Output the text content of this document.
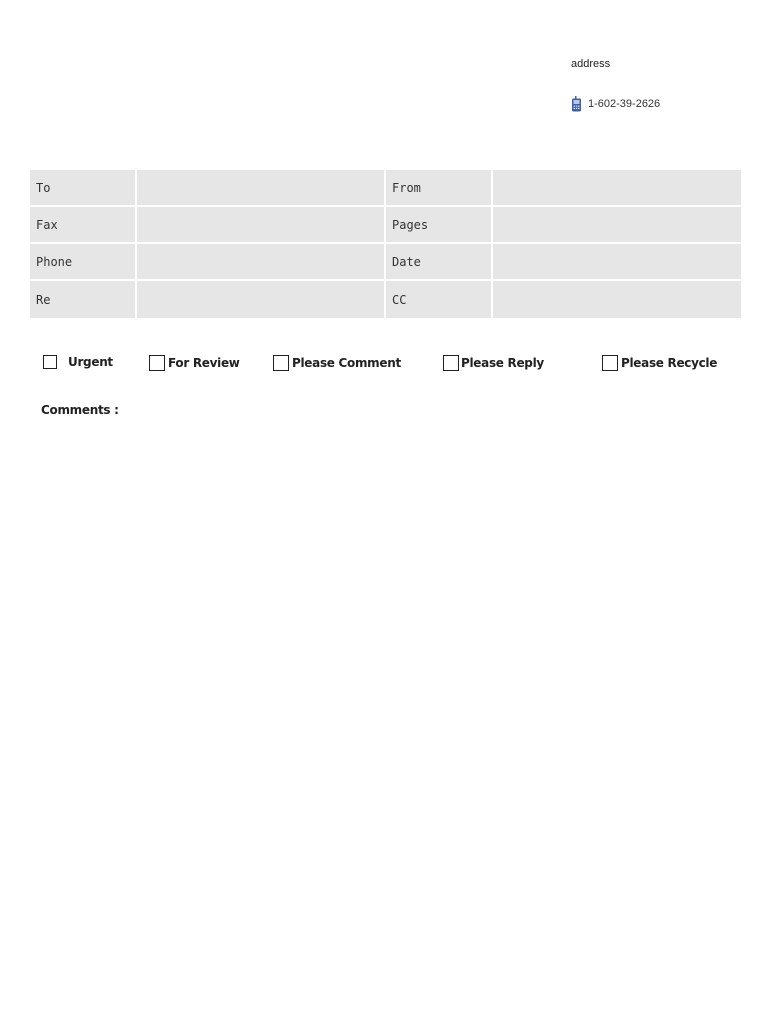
address
1-602-39-2626
To		From	
Fax		Pages	
Phone		Date	
Re		CC	
Urgent	For Review	Please Comment	Please Reply	Please Recycle
Comments :
